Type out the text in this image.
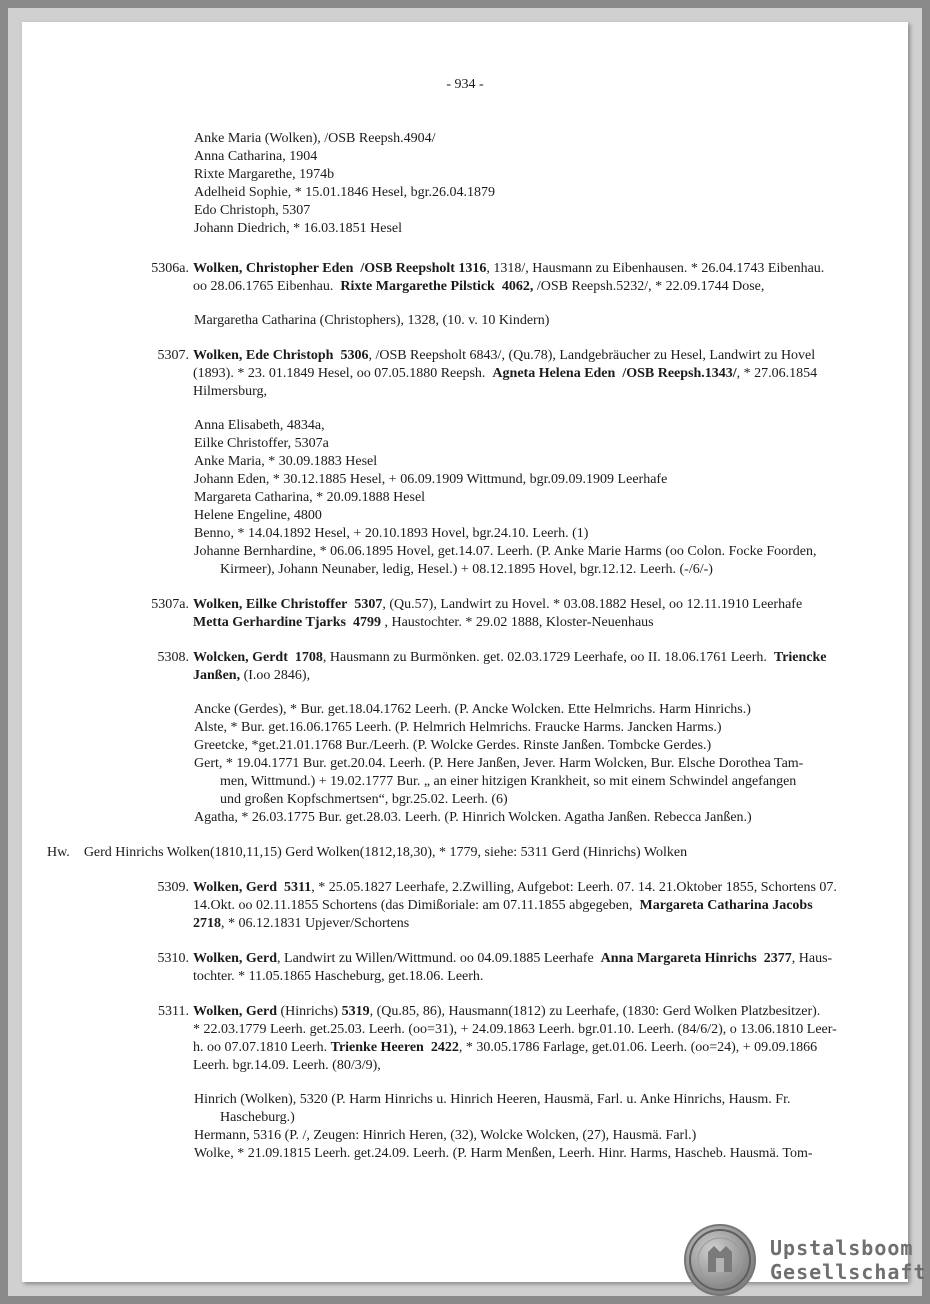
- 934 -
Anke Maria (Wolken), /OSB Reepsh.4904/
Anna Catharina, 1904
Rixte Margarethe, 1974b
Adelheid Sophie, * 15.01.1846 Hesel, bgr.26.04.1879
Edo Christoph, 5307
Johann Diedrich, * 16.03.1851 Hesel
5306a. Wolken, Christopher Eden /OSB Reepsholt 1316, 1318/, Hausmann zu Eibenhausen. * 26.04.1743 Eibenhau.
oo 28.06.1765 Eibenhau. Rixte Margarethe Pilstick 4062, /OSB Reepsh.5232/, * 22.09.1744 Dose,
Margaretha Catharina (Christophers), 1328, (10. v. 10 Kindern)
5307. Wolken, Ede Christoph 5306, /OSB Reepsholt 6843/, (Qu.78), Landgebräucher zu Hesel, Landwirt zu Hovel
(1893). * 23. 01.1849 Hesel, oo 07.05.1880 Reepsh. Agneta Helena Eden /OSB Reepsh.1343/, * 27.06.1854
Hilmersburg,
Anna Elisabeth, 4834a,
Eilke Christoffer, 5307a
Anke Maria, * 30.09.1883 Hesel
Johann Eden, * 30.12.1885 Hesel, + 06.09.1909 Wittmund, bgr.09.09.1909 Leerhafe
Margareta Catharina, * 20.09.1888 Hesel
Helene Engeline, 4800
Benno, * 14.04.1892 Hesel, + 20.10.1893 Hovel, bgr.24.10. Leerh. (1)
Johanne Bernhardine, * 06.06.1895 Hovel, get.14.07. Leerh. (P. Anke Marie Harms (oo Colon. Focke Foorden,
Kirmeer), Johann Neunaber, ledig, Hesel.) + 08.12.1895 Hovel, bgr.12.12. Leerh. (-/6/-)
5307a. Wolken, Eilke Christoffer 5307, (Qu.57), Landwirt zu Hovel. * 03.08.1882 Hesel, oo 12.11.1910 Leerhafe
Metta Gerhardine Tjarks 4799 , Haustochter. * 29.02 1888, Kloster-Neuenhaus
5308. Wolcken, Gerdt 1708, Hausmann zu Burmönken. get. 02.03.1729 Leerhafe, oo II. 18.06.1761 Leerh. Triencke
Janßen, (I.oo 2846),
Ancke (Gerdes), * Bur. get.18.04.1762 Leerh. (P. Ancke Wolcken. Ette Helmrichs. Harm Hinrichs.)
Alste, * Bur. get.16.06.1765 Leerh. (P. Helmrich Helmrichs. Fraucke Harms. Jancken Harms.)
Greetcke, *get.21.01.1768 Bur./Leerh. (P. Wolcke Gerdes. Rinste Janßen. Tombcke Gerdes.)
Gert, * 19.04.1771 Bur. get.20.04. Leerh. (P. Here Janßen, Jever. Harm Wolcken, Bur. Elsche Dorothea Tam-
men, Wittmund.) + 19.02.1777 Bur. „ an einer hitzigen Krankheit, so mit einem Schwindel angefangen
und großen Kopfschmertsen“, bgr.25.02. Leerh. (6)
Agatha, * 26.03.1775 Bur. get.28.03. Leerh. (P. Hinrich Wolcken. Agatha Janßen. Rebecca Janßen.)
Hw. Gerd Hinrichs Wolken(1810,11,15) Gerd Wolken(1812,18,30), * 1779, siehe: 5311 Gerd (Hinrichs) Wolken
5309. Wolken, Gerd 5311, * 25.05.1827 Leerhafe, 2.Zwilling, Aufgebot: Leerh. 07. 14. 21.Oktober 1855, Schortens 07.
14.Okt. oo 02.11.1855 Schortens (das Dimißoriale: am 07.11.1855 abgegeben, Margareta Catharina Jacobs
2718, * 06.12.1831 Upjever/Schortens
5310. Wolken, Gerd, Landwirt zu Willen/Wittmund. oo 04.09.1885 Leerhafe Anna Margareta Hinrichs 2377, Haus-
tochter. * 11.05.1865 Hascheburg, get.18.06. Leerh.
5311. Wolken, Gerd (Hinrichs) 5319, (Qu.85, 86), Hausmann(1812) zu Leerhafe, (1830: Gerd Wolken Platzbesitzer).
* 22.03.1779 Leerh. get.25.03. Leerh. (oo=31), + 24.09.1863 Leerh. bgr.01.10. Leerh. (84/6/2), o 13.06.1810 Leer-
h. oo 07.07.1810 Leerh. Trienke Heeren 2422, * 30.05.1786 Farlage, get.01.06. Leerh. (oo=24), + 09.09.1866
Leerh. bgr.14.09. Leerh. (80/3/9),
Hinrich (Wolken), 5320 (P. Harm Hinrichs u. Hinrich Heeren, Hausmä, Farl. u. Anke Hinrichs, Hausm. Fr.
Hascheburg.)
Hermann, 5316 (P. /, Zeugen: Hinrich Heren, (32), Wolcke Wolcken, (27), Hausmä. Farl.)
Wolke, * 21.09.1815 Leerh. get.24.09. Leerh. (P. Harm Menßen, Leerh. Hinr. Harms, Hascheb. Hausmä. Tom-
Upstalsboom
Gesellschaft
